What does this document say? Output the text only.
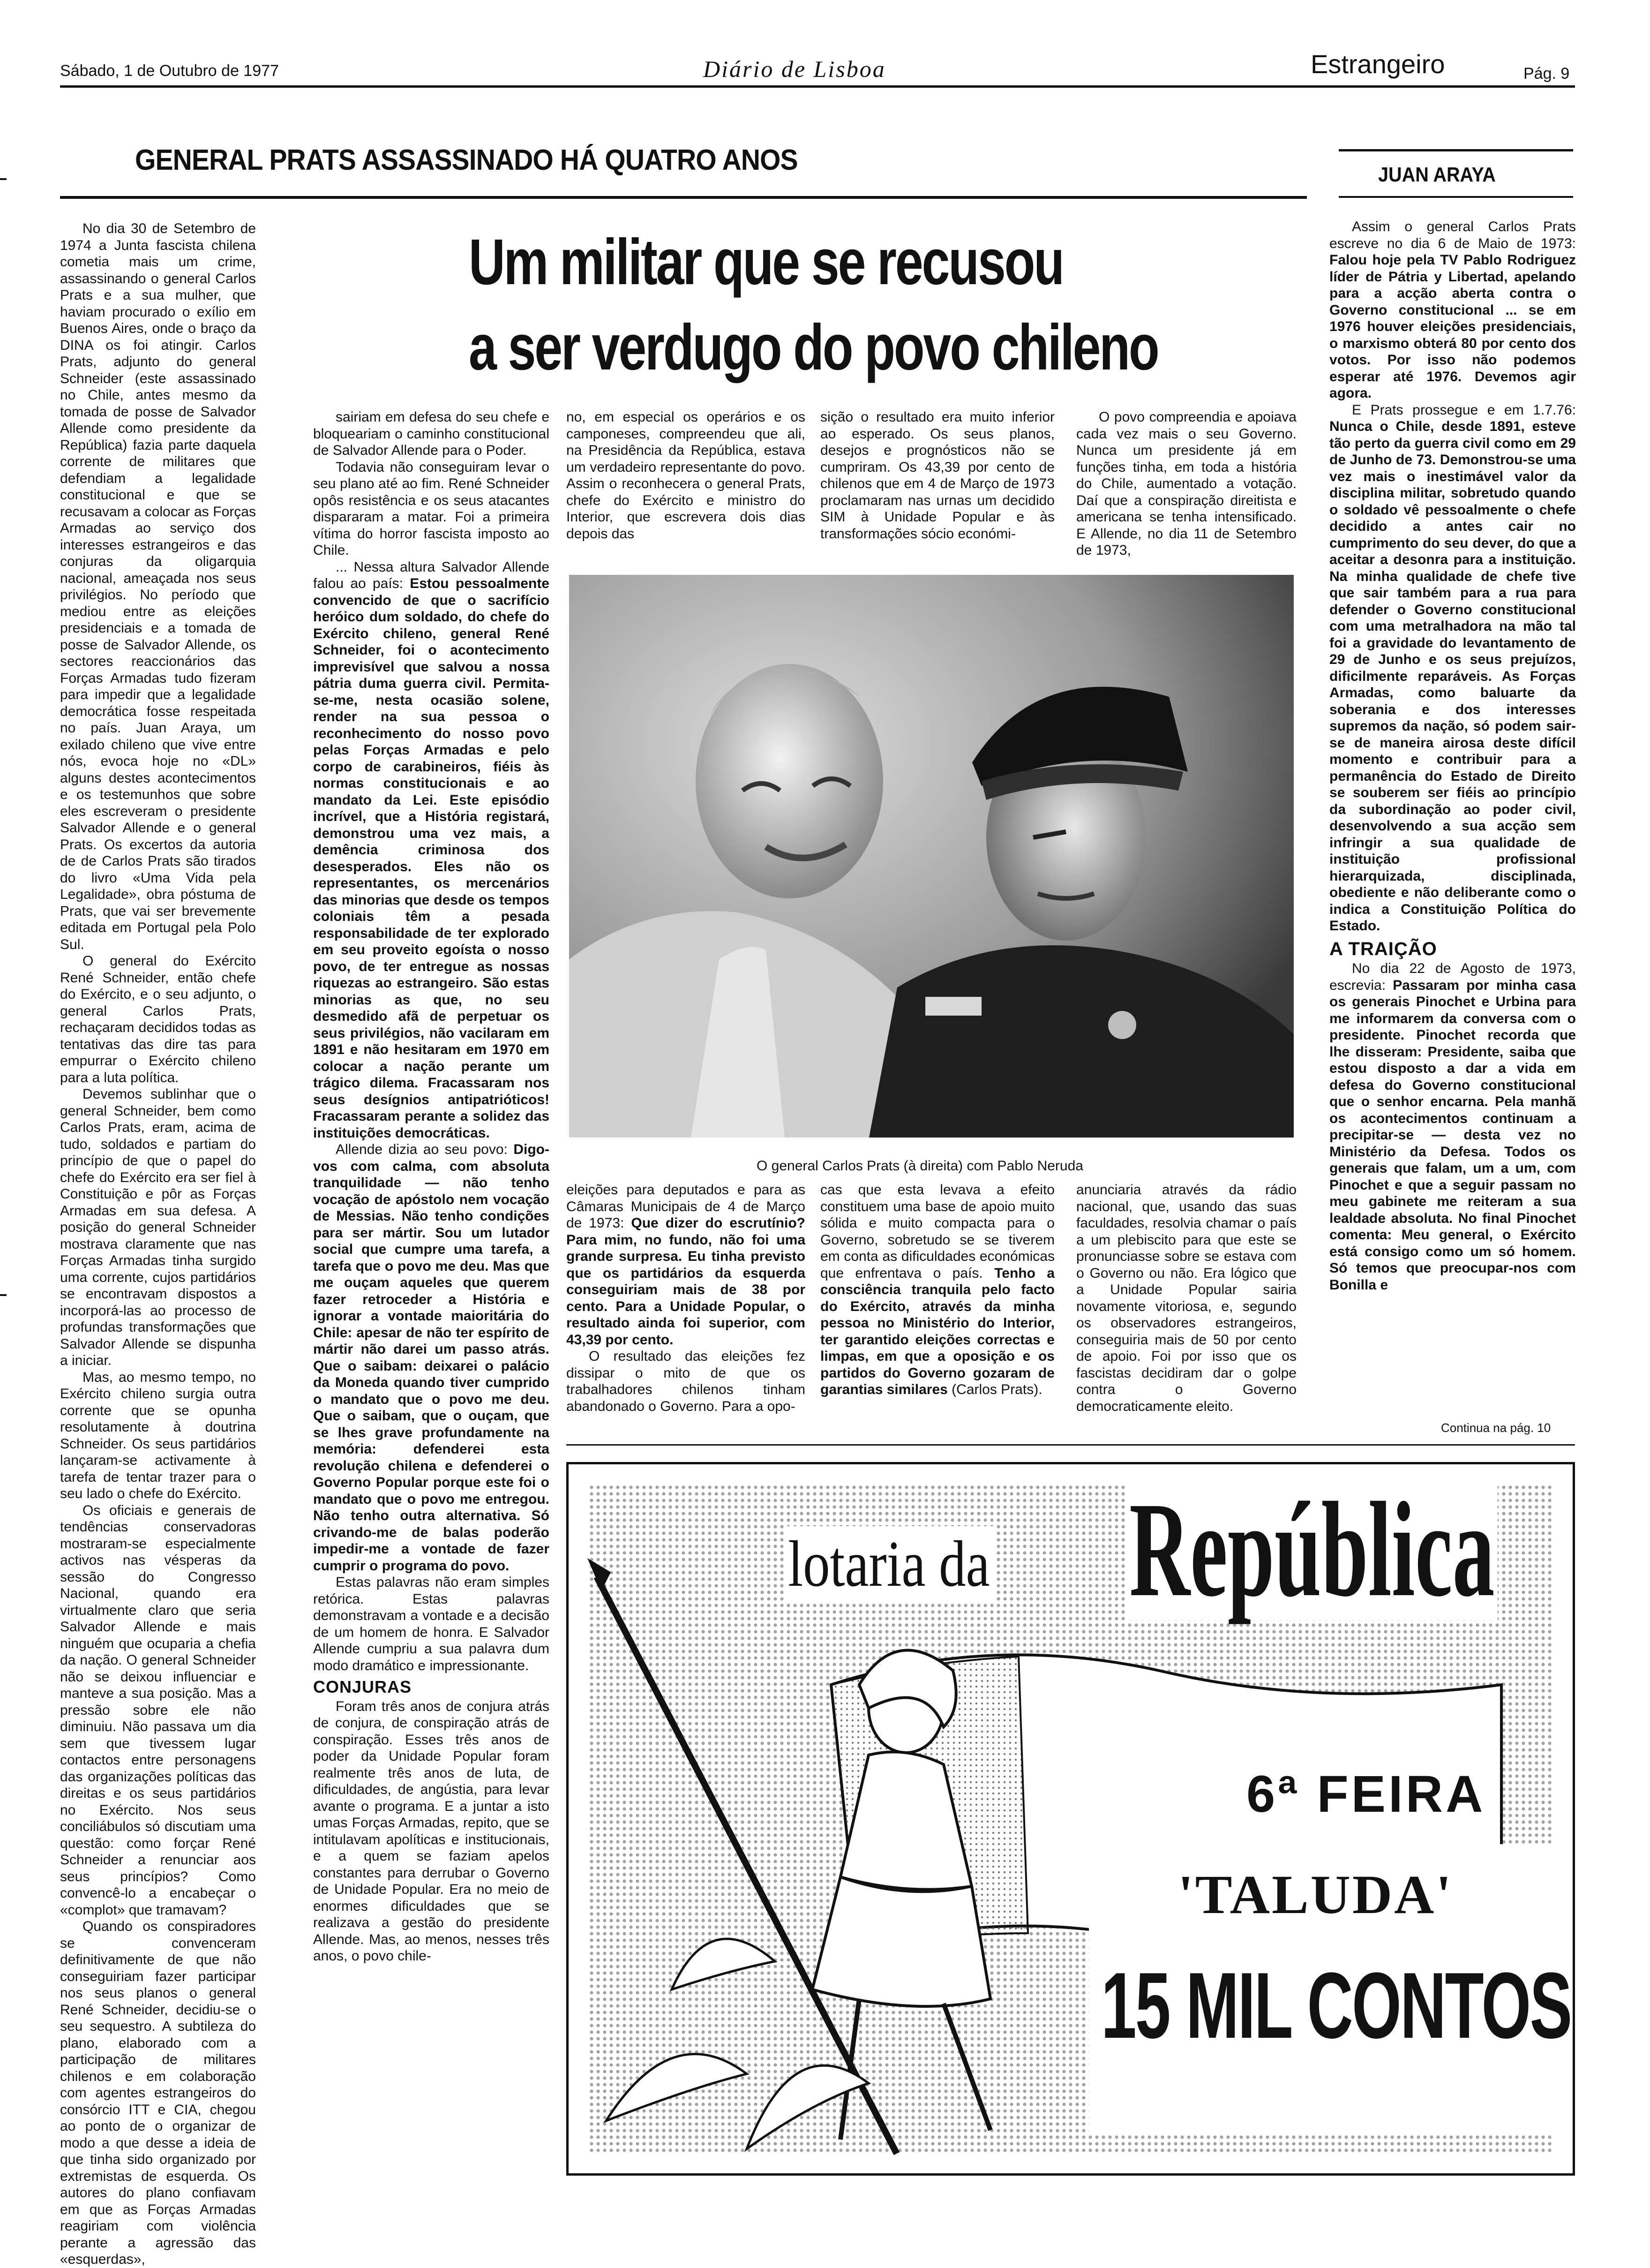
Sábado, 1 de Outubro de 1977	Diário de Lisboa	Estrangeiro	Pág. 9
GENERAL PRATS ASSASSINADO HÁ QUATRO ANOS
Um militar que se recusou
a ser verdugo do povo chileno

No dia 30 de Setembro de 1974 a Junta fascista chilena cometia mais um crime, assassinando o general Carlos Prats e a sua mulher, que haviam procurado o exílio em Buenos Aires, onde o braço da DINA os foi atingir. Carlos Prats, adjunto do general Schneider (este assassinado no Chile, antes mesmo da tomada de posse de Salvador Allende como presidente da República) fazia parte daquela corrente de militares que defendiam a legalidade constitucional e que se recusavam a colocar as Forças Armadas ao serviço dos interesses estrangeiros e das conjuras da oligarquia nacional, ameaçada nos seus privilégios. No período que mediou entre as eleições presidenciais e a tomada de posse de Salvador Allende, os sectores reaccionários das Forças Armadas tudo fizeram para impedir que a legalidade democrática fosse respeitada no país. Juan Araya, um exilado chileno que vive entre nós, evoca hoje no «DL» alguns destes acontecimentos e os testemunhos que sobre eles escreveram o presidente Salvador Allende e o general Prats. Os excertos da autoria de de Carlos Prats são tirados do livro «Uma Vida pela Legalidade», obra póstuma de Prats, que vai ser brevemente editada em Portugal pela Polo Sul.

O general do Exército René Schneider, então chefe do Exército, e o seu adjunto, o general Carlos Prats, rechaçaram decididos todas as tentativas das dire tas para empurrar o Exército chileno para a luta política.

Devemos sublinhar que o general Schneider, bem como Carlos Prats, eram, acima de tudo, soldados e partiam do princípio de que o papel do chefe do Exército era ser fiel à Constituição e pôr as Forças Armadas em sua defesa. A posição do general Schneider mostrava claramente que nas Forças Armadas tinha surgido uma corrente, cujos partidários se encontravam dispostos a incorporá-las ao processo de profundas transformações que Salvador Allende se dispunha a iniciar.

Mas, ao mesmo tempo, no Exército chileno surgia outra corrente que se opunha resolutamente à doutrina Schneider. Os seus partidários lançaram-se activamente à tarefa de tentar trazer para o seu lado o chefe do Exército.

Os oficiais e generais de tendências conservadoras mostraram-se especialmente activos nas vésperas da sessão do Congresso Nacional, quando era virtualmente claro que seria Salvador Allende e mais ninguém que ocuparia a chefia da nação. O general Schneider não se deixou influenciar e manteve a sua posição. Mas a pressão sobre ele não diminuiu. Não passava um dia sem que tivessem lugar contactos entre personagens das organizações políticas das direitas e os seus partidários no Exército. Nos seus conciliábulos só discutiam uma questão: como forçar René Schneider a renunciar aos seus princípios? Como convencê-lo a encabeçar o «complot» que tramavam?

Quando os conspiradores se convenceram definitivamente de que não conseguiriam fazer participar nos seus planos o general René Schneider, decidiu-se o seu sequestro. A subtileza do plano, elaborado com a participação de militares chilenos e em colaboração com agentes estrangeiros do consórcio ITT e CIA, chegou ao ponto de o organizar de modo a que desse a ideia de que tinha sido organizado por extremistas de esquerda. Os autores do plano confiavam em que as Forças Armadas reagiriam com violência perante a agressão das «esquerdas»,

sairiam em defesa do seu chefe e bloqueariam o caminho constitucional de Salvador Allende para o Poder.

Todavia não conseguiram levar o seu plano até ao fim. René Schneider opôs resistência e os seus atacantes dispararam a matar. Foi a primeira vítima do horror fascista imposto ao Chile.

... Nessa altura Salvador Allende falou ao país: Estou pessoalmente convencido de que o sacrifício heróico dum soldado, do chefe do Exército chileno, general René Schneider, foi o acontecimento imprevisível que salvou a nossa pátria duma guerra civil. Permita-se-me, nesta ocasião solene, render na sua pessoa o reconhecimento do nosso povo pelas Forças Armadas e pelo corpo de carabineiros, fiéis às normas constitucionais e ao mandato da Lei. Este episódio incrível, que a História registará, demonstrou uma vez mais, a demência criminosa dos desesperados. Eles não os representantes, os mercenários das minorias que desde os tempos coloniais têm a pesada responsabilidade de ter explorado em seu proveito egoísta o nosso povo, de ter entregue as nossas riquezas ao estrangeiro. São estas minorias as que, no seu desmedido afã de perpetuar os seus privilégios, não vacilaram em 1891 e não hesitaram em 1970 em colocar a nação perante um trágico dilema. Fracassaram nos seus desígnios antipatrióticos! Fracassaram perante a solidez das instituições democráticas.

Allende dizia ao seu povo: Digo-vos com calma, com absoluta tranquilidade — não tenho vocação de apóstolo nem vocação de Messias. Não tenho condições para ser mártir. Sou um lutador social que cumpre uma tarefa, a tarefa que o povo me deu. Mas que me ouçam aqueles que querem fazer retroceder a História e ignorar a vontade maioritária do Chile: apesar de não ter espírito de mártir não darei um passo atrás. Que o saibam: deixarei o palácio da Moneda quando tiver cumprido o mandato que o povo me deu. Que o saibam, que o ouçam, que se lhes grave profundamente na memória: defenderei esta revolução chilena e defenderei o Governo Popular porque este foi o mandato que o povo me entregou. Não tenho outra alternativa. Só crivando-me de balas poderão impedir-me a vontade de fazer cumprir o programa do povo.

Estas palavras não eram simples retórica. Estas palavras demonstravam a vontade e a decisão de um homem de honra. E Salvador Allende cumpriu a sua palavra dum modo dramático e impressionante.

CONJURAS

Foram três anos de conjura atrás de conjura, de conspiração atrás de conspiração. Esses três anos de poder da Unidade Popular foram realmente três anos de luta, de dificuldades, de angústia, para levar avante o programa. E a juntar a isto umas Forças Armadas, repito, que se intitulavam apolíticas e institucionais, e a quem se faziam apelos constantes para derrubar o Governo de Unidade Popular. Era no meio de enormes dificuldades que se realizava a gestão do presidente Allende. Mas, ao menos, nesses três anos, o povo chile-

no, em especial os operários e os camponeses, compreendeu que ali, na Presidência da República, estava um verdadeiro representante do povo. Assim o reconhecera o general Prats, chefe do Exército e ministro do Interior, que escrevera dois dias depois das

sição o resultado era muito inferior ao esperado. Os seus planos, desejos e prognósticos não se cumpriram. Os 43,39 por cento de chilenos que em 4 de Março de 1973 proclamaram nas urnas um decidido SIM à Unidade Popular e às transformações sócio económi-

O povo compreendia e apoiava cada vez mais o seu Governo. Nunca um presidente já em funções tinha, em toda a história do Chile, aumentado a votação. Daí que a conspiração direitista e americana se tenha intensificado. E Allende, no dia 11 de Setembro de 1973,

O general Carlos Prats (à direita) com Pablo Neruda

eleições para deputados e para as Câmaras Municipais de 4 de Março de 1973: Que dizer do escrutínio? Para mim, no fundo, não foi uma grande surpresa. Eu tinha previsto que os partidários da esquerda conseguiriam mais de 38 por cento. Para a Unidade Popular, o resultado ainda foi superior, com 43,39 por cento.

O resultado das eleições fez dissipar o mito de que os trabalhadores chilenos tinham abandonado o Governo. Para a opo-

cas que esta levava a efeito constituem uma base de apoio muito sólida e muito compacta para o Governo, sobretudo se se tiverem em conta as dificuldades económicas que enfrentava o país. Tenho a consciência tranquila pelo facto do Exército, através da minha pessoa no Ministério do Interior, ter garantido eleições correctas e limpas, em que a oposição e os partidos do Governo gozaram de garantias similares (Carlos Prats).

anunciaria através da rádio nacional, que, usando das suas faculdades, resolvia chamar o país a um plebiscito para que este se pronunciasse sobre se estava com o Governo ou não. Era lógico que a Unidade Popular sairia novamente vitoriosa, e, segundo os observadores estrangeiros, conseguiria mais de 50 por cento de apoio. Foi por isso que os fascistas decidiram dar o golpe contra o Governo democraticamente eleito.

JUAN ARAYA

Assim o general Carlos Prats escreve no dia 6 de Maio de 1973: Falou hoje pela TV Pablo Rodriguez líder de Pátria y Libertad, apelando para a acção aberta contra o Governo constitucional ... se em 1976 houver eleições presidenciais, o marxismo obterá 80 por cento dos votos. Por isso não podemos esperar até 1976. Devemos agir agora.

E Prats prossegue e em 1.7.76: Nunca o Chile, desde 1891, esteve tão perto da guerra civil como em 29 de Junho de 73. Demonstrou-se uma vez mais o inestimável valor da disciplina militar, sobretudo quando o soldado vê pessoalmente o chefe decidido a antes cair no cumprimento do seu dever, do que a aceitar a desonra para a instituição. Na minha qualidade de chefe tive que sair também para a rua para defender o Governo constitucional com uma metralhadora na mão tal foi a gravidade do levantamento de 29 de Junho e os seus prejuízos, dificilmente reparáveis. As Forças Armadas, como baluarte da soberania e dos interesses supremos da nação, só podem sair-se de maneira airosa deste difícil momento e contribuir para a permanência do Estado de Direito se souberem ser fiéis ao princípio da subordinação ao poder civil, desenvolvendo a sua acção sem infringir a sua qualidade de instituição profissional hierarquizada, disciplinada, obediente e não deliberante como o indica a Constituição Política do Estado.

A TRAIÇÃO

No dia 22 de Agosto de 1973, escrevia: Passaram por minha casa os generais Pinochet e Urbina para me informarem da conversa com o presidente. Pinochet recorda que lhe disseram: Presidente, saiba que estou disposto a dar a vida em defesa do Governo constitucional que o senhor encarna. Pela manhã os acontecimentos continuam a precipitar-se — desta vez no Ministério da Defesa. Todos os generais que falam, um a um, com Pinochet e que a seguir passam no meu gabinete me reiteram a sua lealdade absoluta. No final Pinochet comenta: Meu general, o Exército está consigo como um só homem. Só temos que preocupar-nos com Bonilla e

Continua na pág. 10
lotaria da República
6ª FEIRA
'TALUDA'
15 MIL CONTOS
